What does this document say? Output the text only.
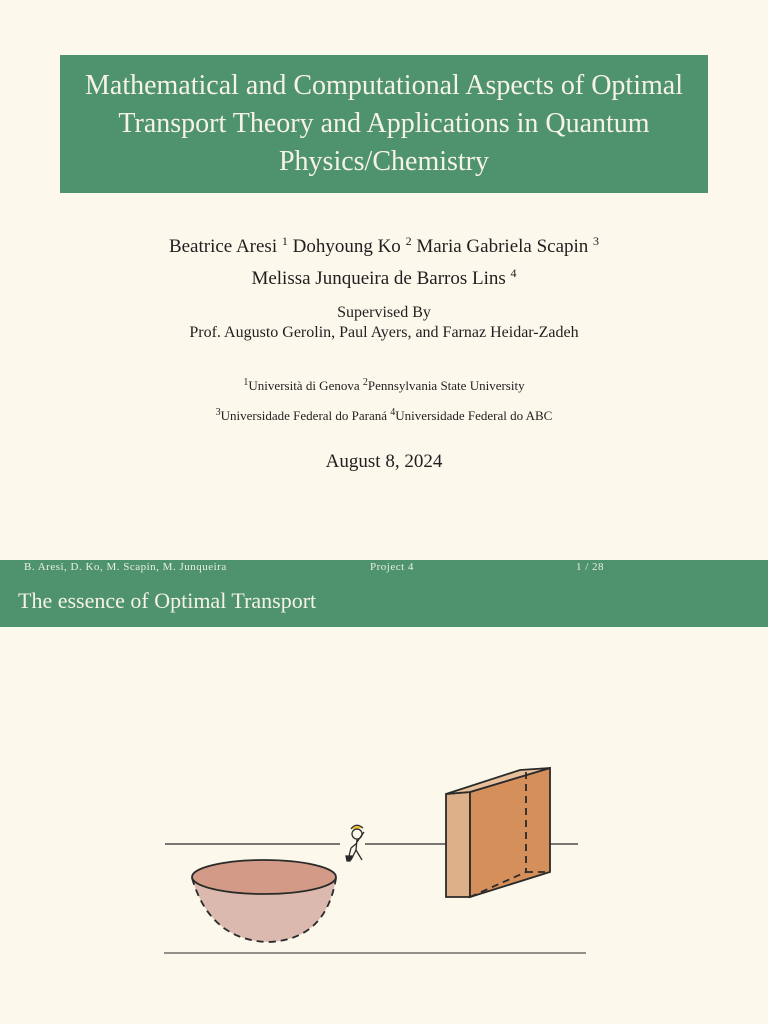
Mathematical and Computational Aspects of Optimal Transport Theory and Applications in Quantum Physics/Chemistry
Beatrice Aresi $^1$ Dohyoung Ko $^2$ Maria Gabriela Scapin $^3$
Melissa Junqueira de Barros Lins $^4$
Supervised By
Prof. Augusto Gerolin, Paul Ayers, and Farnaz Heidar-Zadeh
$^1$Università di Genova $^2$Pennsylvania State University
$^3$Universidade Federal do Paraná $^4$Universidade Federal do ABC
August 8, 2024
B. Aresi, D. Ko, M. Scapin, M. Junqueira	Project 4	1 / 28
The essence of Optimal Transport
